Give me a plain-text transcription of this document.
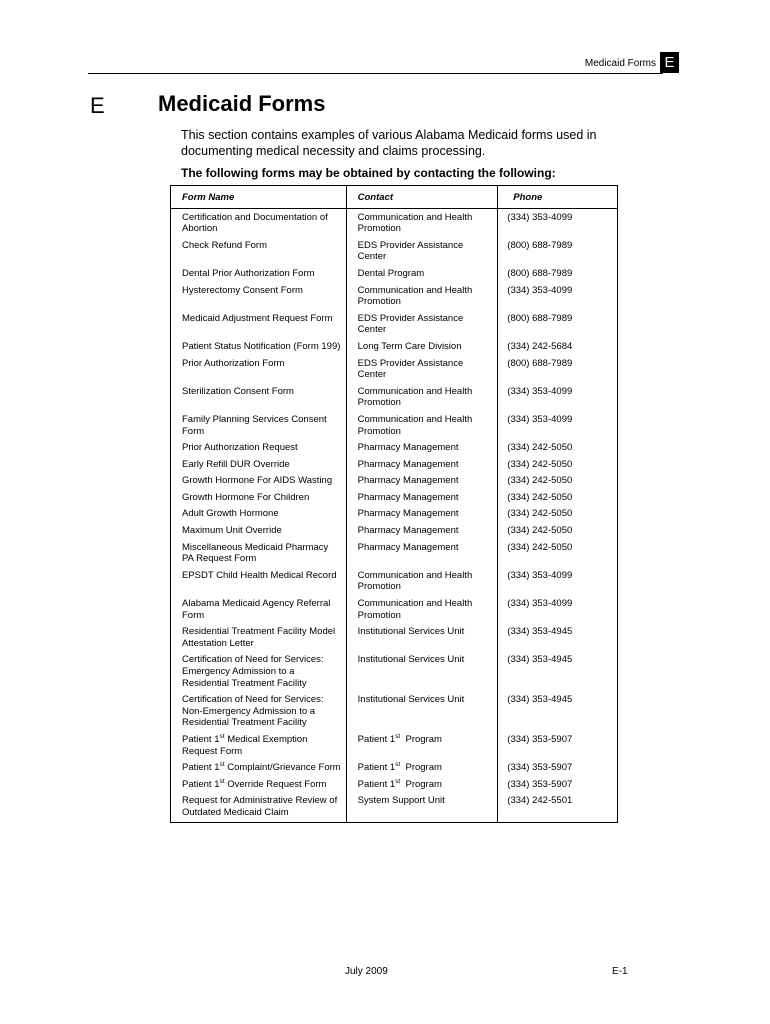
Medicaid Forms E
E Medicaid Forms
This section contains examples of various Alabama Medicaid forms used in documenting medical necessity and claims processing.
The following forms may be obtained by contacting the following:
Form Name	Contact	Phone
Certification and Documentation of Abortion	Communication and Health Promotion	(334) 353-4099
Check Refund Form	EDS Provider Assistance Center	(800) 688-7989
Dental Prior Authorization Form	Dental Program	(800) 688-7989
Hysterectomy Consent Form	Communication and Health Promotion	(334) 353-4099
Medicaid Adjustment Request Form	EDS Provider Assistance Center	(800) 688-7989
Patient Status Notification (Form 199)	Long Term Care Division	(334) 242-5684
Prior Authorization Form	EDS Provider Assistance Center	(800) 688-7989
Sterilization Consent Form	Communication and Health Promotion	(334) 353-4099
Family Planning Services Consent Form	Communication and Health Promotion	(334) 353-4099
Prior Authorization Request	Pharmacy Management	(334) 242-5050
Early Refill DUR Override	Pharmacy Management	(334) 242-5050
Growth Hormone For AIDS Wasting	Pharmacy Management	(334) 242-5050
Growth Hormone For Children	Pharmacy Management	(334) 242-5050
Adult Growth Hormone	Pharmacy Management	(334) 242-5050
Maximum Unit Override	Pharmacy Management	(334) 242-5050
Miscellaneous Medicaid Pharmacy PA Request Form	Pharmacy Management	(334) 242-5050
EPSDT Child Health Medical Record	Communication and Health Promotion	(334) 353-4099
Alabama Medicaid Agency Referral Form	Communication and Health Promotion	(334) 353-4099
Residential Treatment Facility Model Attestation Letter	Institutional Services Unit	(334) 353-4945
Certification of Need for Services: Emergency Admission to a Residential Treatment Facility	Institutional Services Unit	(334) 353-4945
Certification of Need for Services: Non-Emergency Admission to a Residential Treatment Facility	Institutional Services Unit	(334) 353-4945
Patient 1st Medical Exemption Request Form	Patient 1st  Program	(334) 353-5907
Patient 1st Complaint/Grievance Form	Patient 1st  Program	(334) 353-5907
Patient 1st Override Request Form	Patient 1st  Program	(334) 353-5907
Request for Administrative Review of Outdated Medicaid Claim	System Support Unit	(334) 242-5501
July 2009	E-1
